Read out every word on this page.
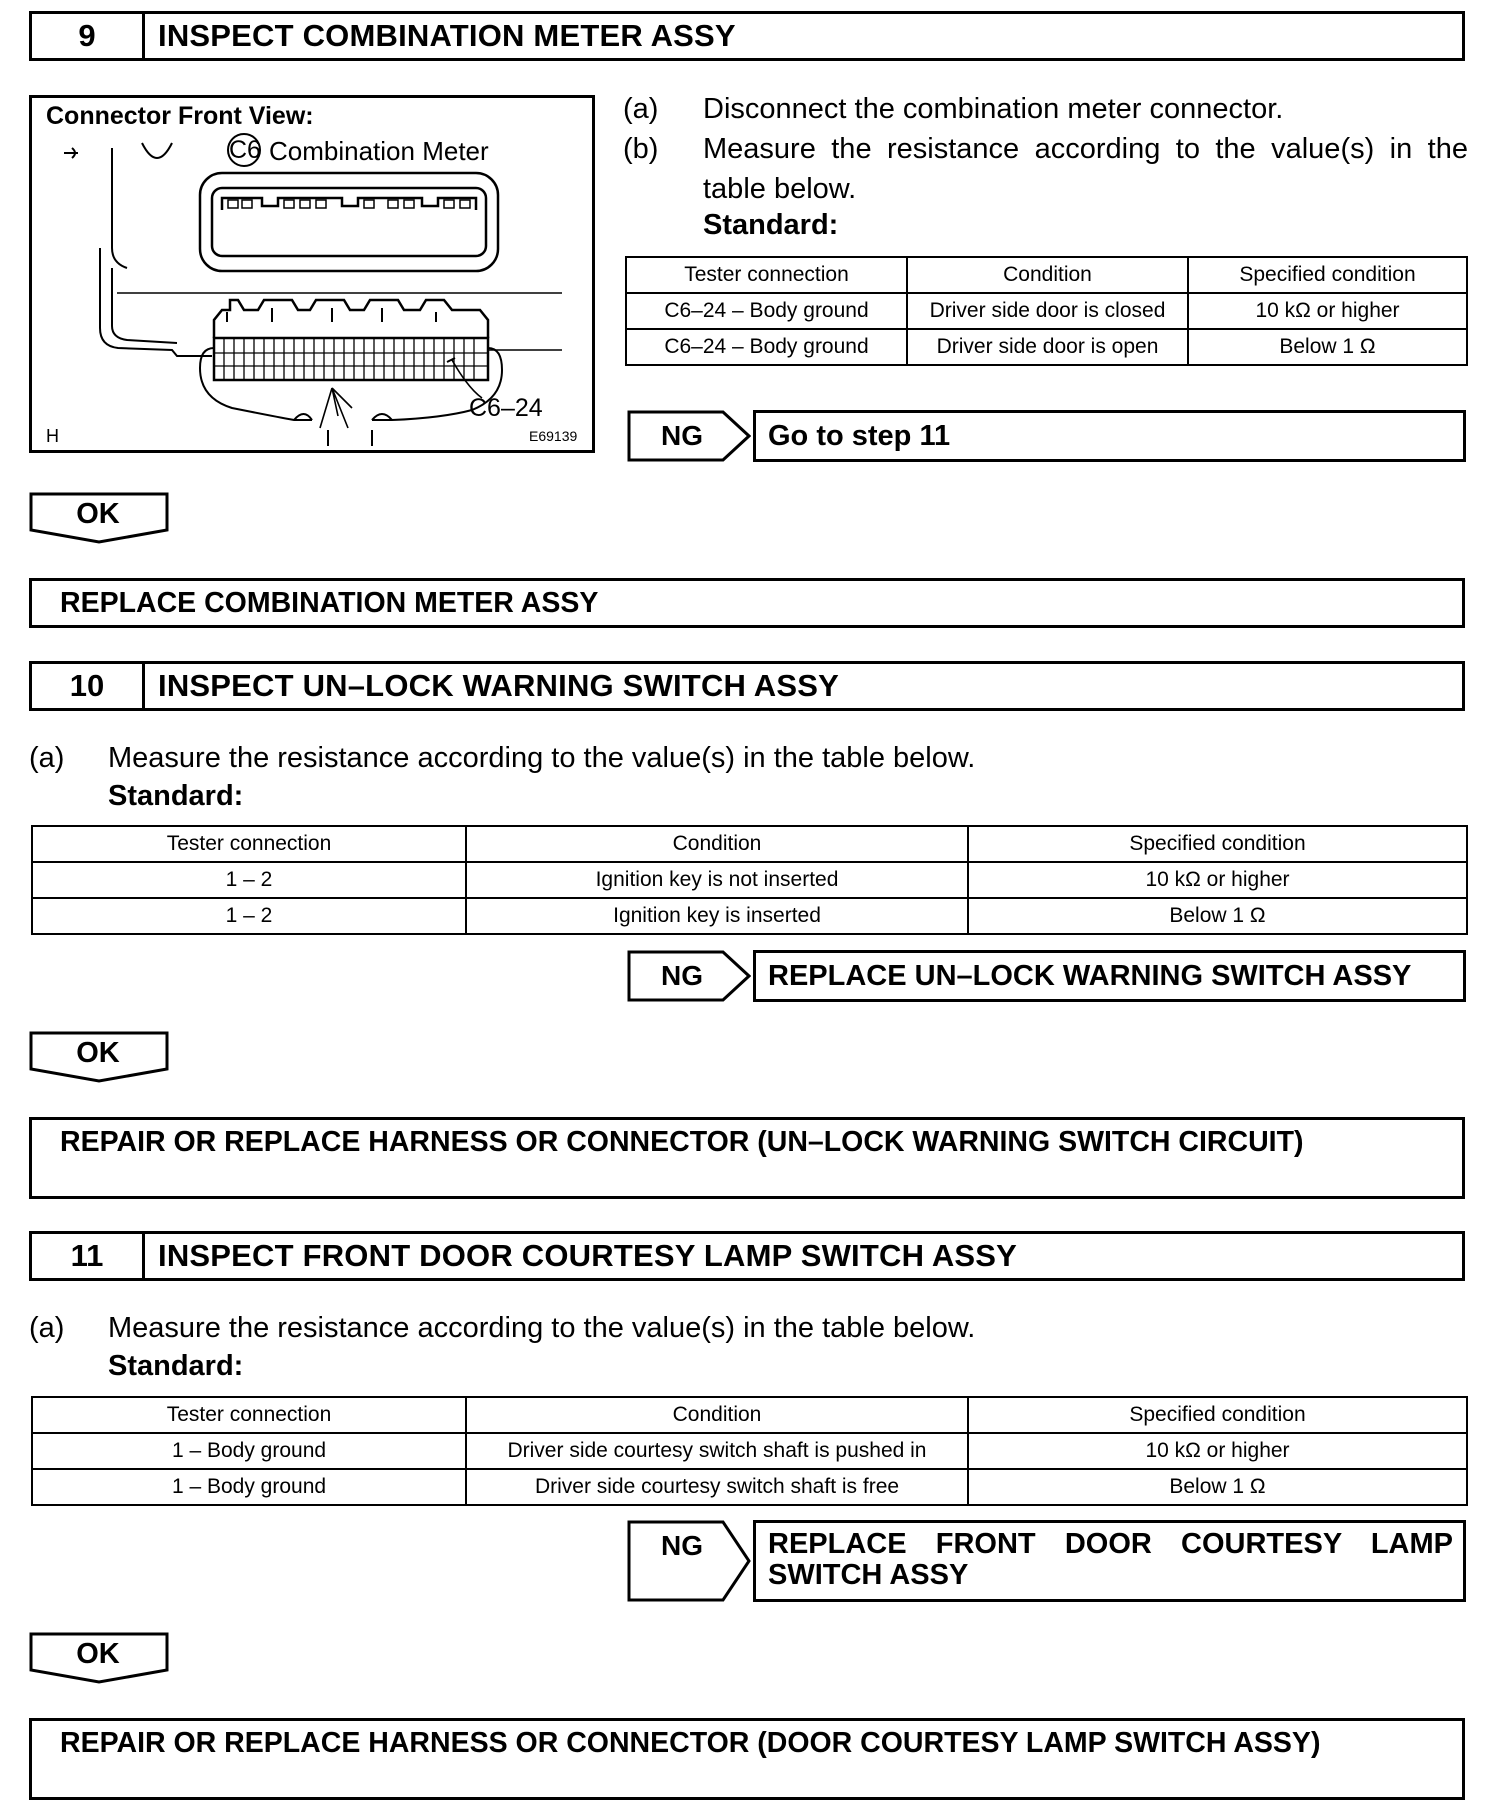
9	INSPECT COMBINATION METER ASSY
Connector Front View:
C6 Combination Meter
C6–24
H	E69139
(a) Disconnect the combination meter connector.
(b) Measure the resistance according to the value(s) in the
table below.
Standard:
Tester connection	Condition	Specified condition
C6–24 – Body ground	Driver side door is closed	10 kΩ or higher
C6–24 – Body ground	Driver side door is open	Below 1 Ω
NG	Go to step 11
OK
REPLACE COMBINATION METER ASSY
10	INSPECT UN–LOCK WARNING SWITCH ASSY
(a) Measure the resistance according to the value(s) in the table below.
Standard:
Tester connection	Condition	Specified condition
1 – 2	Ignition key is not inserted	10 kΩ or higher
1 – 2	Ignition key is inserted	Below 1 Ω
NG	REPLACE UN–LOCK WARNING SWITCH ASSY
OK
REPAIR OR REPLACE HARNESS OR CONNECTOR (UN–LOCK WARNING SWITCH CIRCUIT)
11	INSPECT FRONT DOOR COURTESY LAMP SWITCH ASSY
(a) Measure the resistance according to the value(s) in the table below.
Standard:
Tester connection	Condition	Specified condition
1 – Body ground	Driver side courtesy switch shaft is pushed in	10 kΩ or higher
1 – Body ground	Driver side courtesy switch shaft is free	Below 1 Ω
NG REPLACE FRONT DOOR COURTESY LAMP
SWITCH ASSY
OK
REPAIR OR REPLACE HARNESS OR CONNECTOR (DOOR COURTESY LAMP SWITCH ASSY)
